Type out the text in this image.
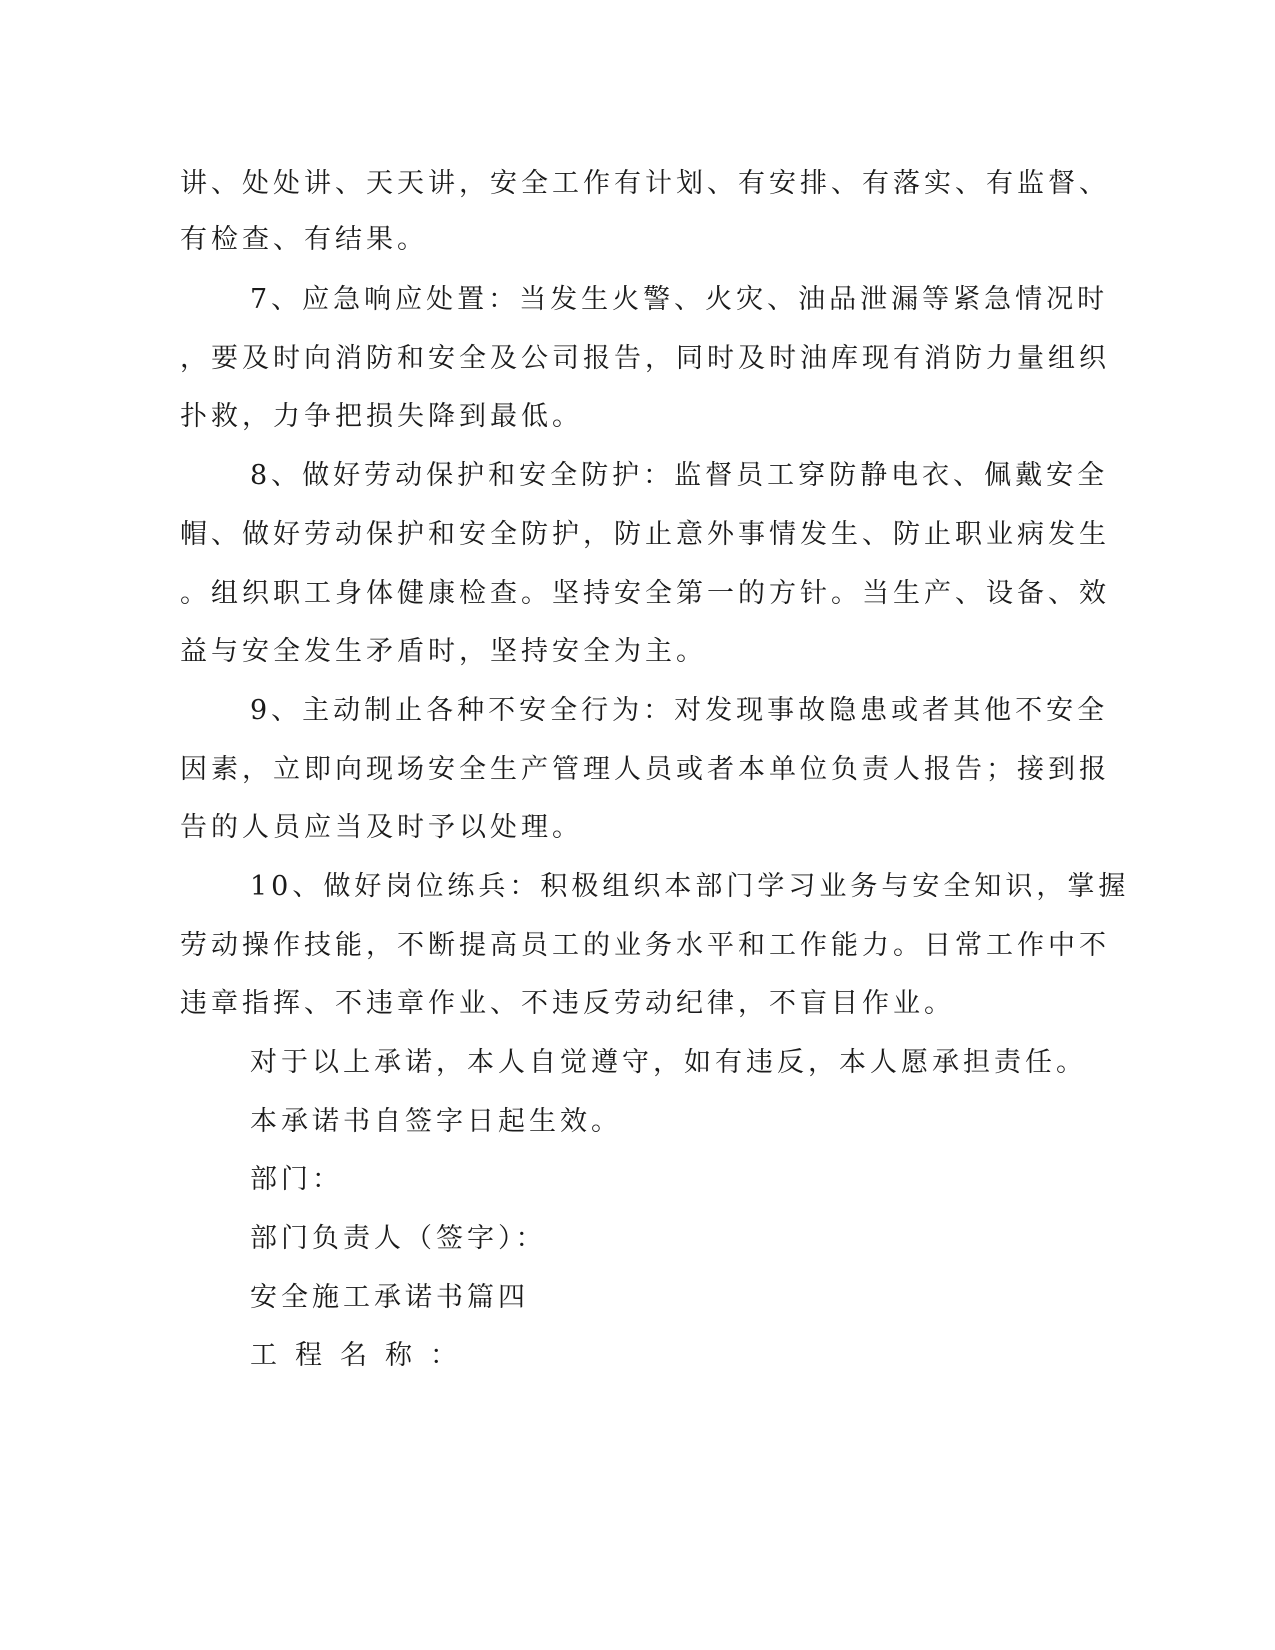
讲、处处讲、天天讲，安全工作有计划、有安排、有落实、有监督、
有检查、有结果。
7、应急响应处置：当发生火警、火灾、油品泄漏等紧急情况时
，要及时向消防和安全及公司报告，同时及时油库现有消防力量组织
扑救，力争把损失降到最低。
8、做好劳动保护和安全防护：监督员工穿防静电衣、佩戴安全
帽、做好劳动保护和安全防护，防止意外事情发生、防止职业病发生
。组织职工身体健康检查。坚持安全第一的方针。当生产、设备、效
益与安全发生矛盾时，坚持安全为主。
9、主动制止各种不安全行为：对发现事故隐患或者其他不安全
因素，立即向现场安全生产管理人员或者本单位负责人报告；接到报
告的人员应当及时予以处理。
10、做好岗位练兵：积极组织本部门学习业务与安全知识，掌握
劳动操作技能，不断提高员工的业务水平和工作能力。日常工作中不
违章指挥、不违章作业、不违反劳动纪律，不盲目作业。
对于以上承诺，本人自觉遵守，如有违反，本人愿承担责任。
本承诺书自签字日起生效。
部门：
部门负责人（签字）：
安全施工承诺书篇四
工程名称：
